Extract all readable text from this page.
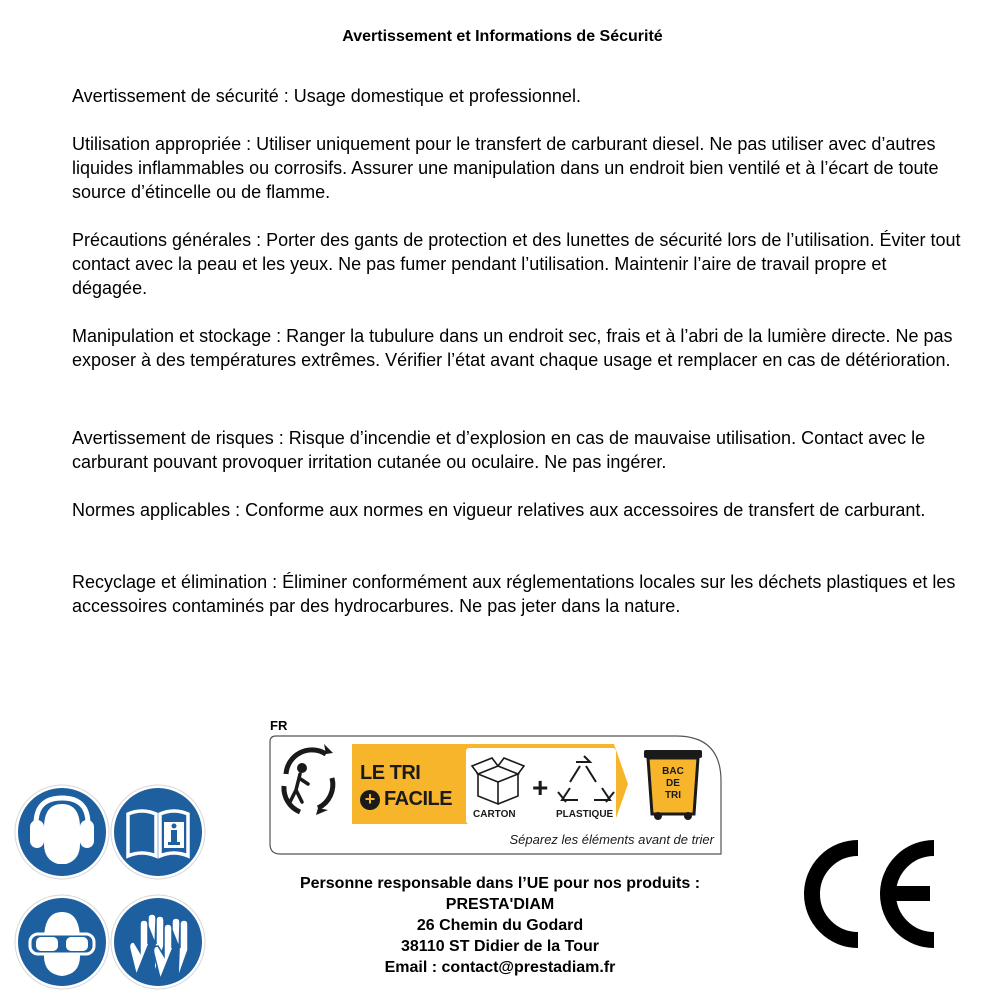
Avertissement et Informations de Sécurité

Avertissement de sécurité : Usage domestique et professionnel.

Utilisation appropriée : Utiliser uniquement pour le transfert de carburant diesel. Ne pas utiliser avec d’autres liquides inflammables ou corrosifs. Assurer une manipulation dans un endroit bien ventilé et à l’écart de toute source d’étincelle ou de flamme.

Précautions générales : Porter des gants de protection et des lunettes de sécurité lors de l’utilisation. Éviter tout contact avec la peau et les yeux. Ne pas fumer pendant l’utilisation. Maintenir l’aire de travail propre et dégagée.

Manipulation et stockage : Ranger la tubulure dans un endroit sec, frais et à l’abri de la lumière directe. Ne pas exposer à des températures extrêmes. Vérifier l’état avant chaque usage et remplacer en cas de détérioration.

Avertissement de risques : Risque d’incendie et d’explosion en cas de mauvaise utilisation. Contact avec le carburant pouvant provoquer irritation cutanée ou oculaire. Ne pas ingérer.

Normes applicables : Conforme aux normes en vigueur relatives aux accessoires de transfert de carburant.

Recyclage et élimination : Éliminer conformément aux réglementations locales sur les déchets plastiques et les accessoires contaminés par des hydrocarbures. Ne pas jeter dans la nature.

FR
LE TRI
+ FACILE
CARTON
+
PLASTIQUE
BAC
DE
TRI
Séparez les éléments avant de trier
Personne responsable dans l’UE pour nos produits :
PRESTA'DIAM
26 Chemin du Godard
38110 ST Didier de la Tour
Email : contact@prestadiam.fr
